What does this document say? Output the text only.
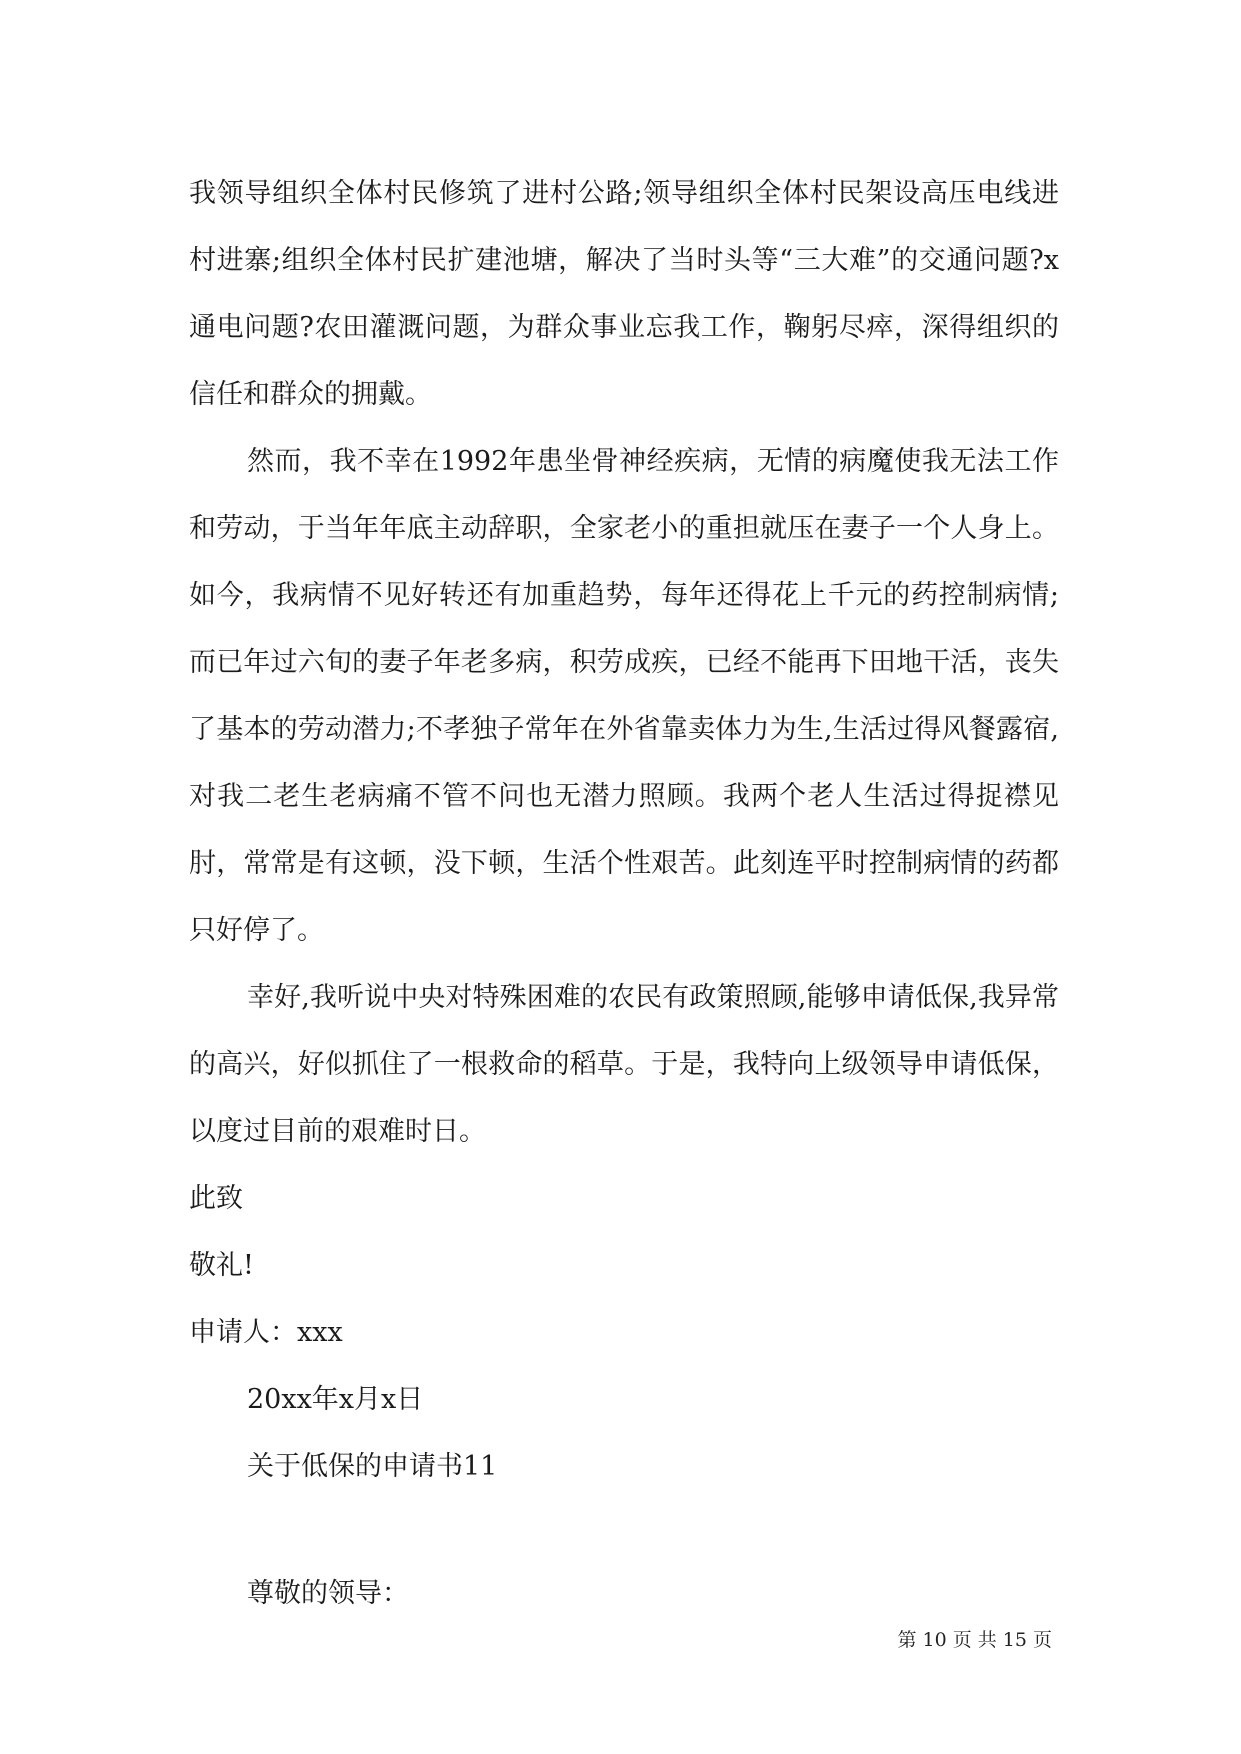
我领导组织全体村民修筑了进村公路;领导组织全体村民架设高压电线进村进寨;组织全体村民扩建池塘，解决了当时头等“三大难”的交通问题?x通电问题?农田灌溉问题，为群众事业忘我工作，鞠躬尽瘁，深得组织的信任和群众的拥戴。

然而，我不幸在1992年患坐骨神经疾病，无情的病魔使我无法工作和劳动，于当年年底主动辞职，全家老小的重担就压在妻子一个人身上。如今，我病情不见好转还有加重趋势，每年还得花上千元的药控制病情;而已年过六旬的妻子年老多病，积劳成疾，已经不能再下田地干活，丧失了基本的劳动潜力;不孝独子常年在外省靠卖体力为生,生活过得风餐露宿,对我二老生老病痛不管不问也无潜力照顾。我两个老人生活过得捉襟见肘，常常是有这顿，没下顿，生活个性艰苦。此刻连平时控制病情的药都只好停了。

幸好,我听说中央对特殊困难的农民有政策照顾,能够申请低保,我异常的高兴，好似抓住了一根救命的稻草。于是，我特向上级领导申请低保，以度过目前的艰难时日。

此致

敬礼!

申请人：xxx

20xx年x月x日

关于低保的申请书11

尊敬的领导：

第 10 页 共 15 页
